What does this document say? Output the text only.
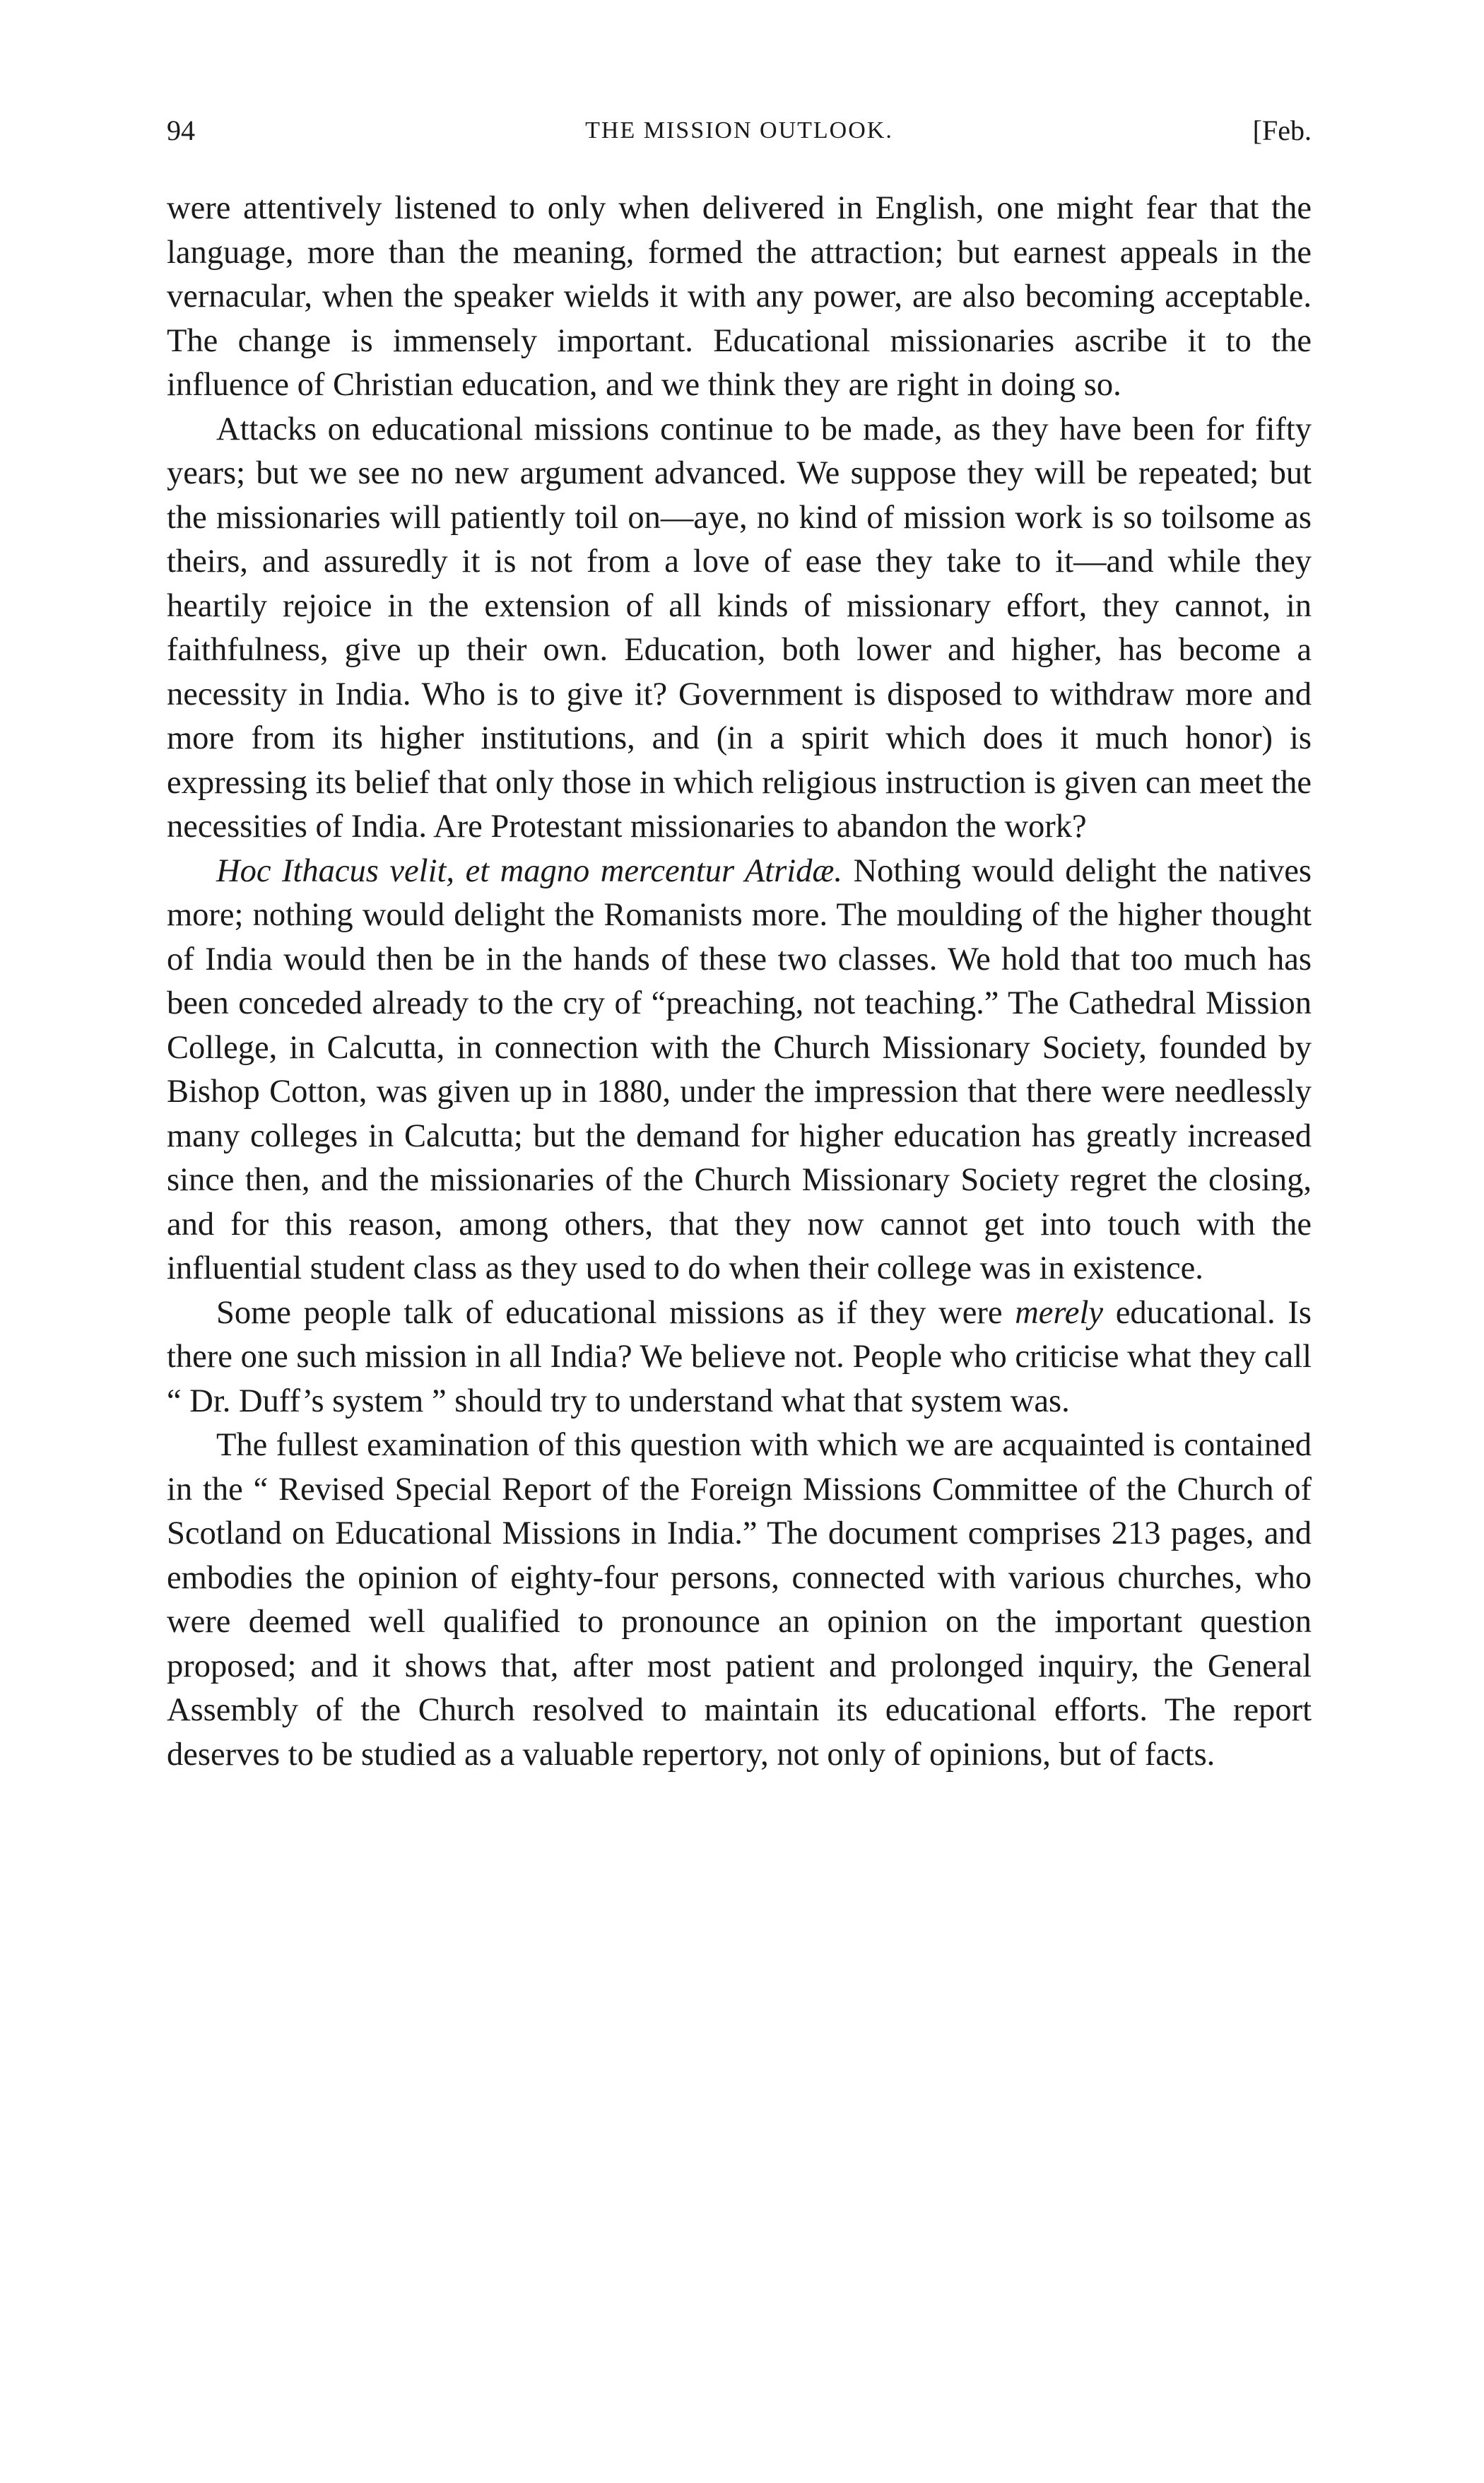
94	THE MISSION OUTLOOK.	[Feb.

were attentively listened to only when delivered in English, one might fear that the language, more than the meaning, formed the attraction; but earnest appeals in the vernacular, when the speaker wields it with any power, are also becoming acceptable. The change is immensely important. Educational missionaries ascribe it to the influence of Christian education, and we think they are right in doing so.

Attacks on educational missions continue to be made, as they have been for fifty years; but we see no new argument advanced. We suppose they will be repeated; but the missionaries will patiently toil on—aye, no kind of mission work is so toilsome as theirs, and assuredly it is not from a love of ease they take to it—and while they heartily rejoice in the extension of all kinds of missionary effort, they cannot, in faithfulness, give up their own. Education, both lower and higher, has become a necessity in India. Who is to give it? Government is disposed to withdraw more and more from its higher institutions, and (in a spirit which does it much honor) is expressing its belief that only those in which religious instruction is given can meet the necessities of India. Are Protestant missionaries to abandon the work?

Hoc Ithacus velit, et magno mercentur Atridæ. Nothing would delight the natives more; nothing would delight the Romanists more. The moulding of the higher thought of India would then be in the hands of these two classes. We hold that too much has been conceded already to the cry of “preaching, not teaching.” The Cathedral Mission College, in Calcutta, in connection with the Church Missionary Society, founded by Bishop Cotton, was given up in 1880, under the impression that there were needlessly many colleges in Calcutta; but the demand for higher education has greatly increased since then, and the missionaries of the Church Missionary Society regret the closing, and for this reason, among others, that they now cannot get into touch with the influential student class as they used to do when their college was in existence.

Some people talk of educational missions as if they were merely educational. Is there one such mission in all India? We believe not. People who criticise what they call “ Dr. Duff’s system ” should try to understand what that system was.

The fullest examination of this question with which we are acquainted is contained in the “ Revised Special Report of the Foreign Missions Committee of the Church of Scotland on Educational Missions in India.” The document comprises 213 pages, and embodies the opinion of eighty-four persons, connected with various churches, who were deemed well qualified to pronounce an opinion on the important question proposed; and it shows that, after most patient and prolonged inquiry, the General Assembly of the Church resolved to maintain its educational efforts. The report deserves to be studied as a valuable repertory, not only of opinions, but of facts.
